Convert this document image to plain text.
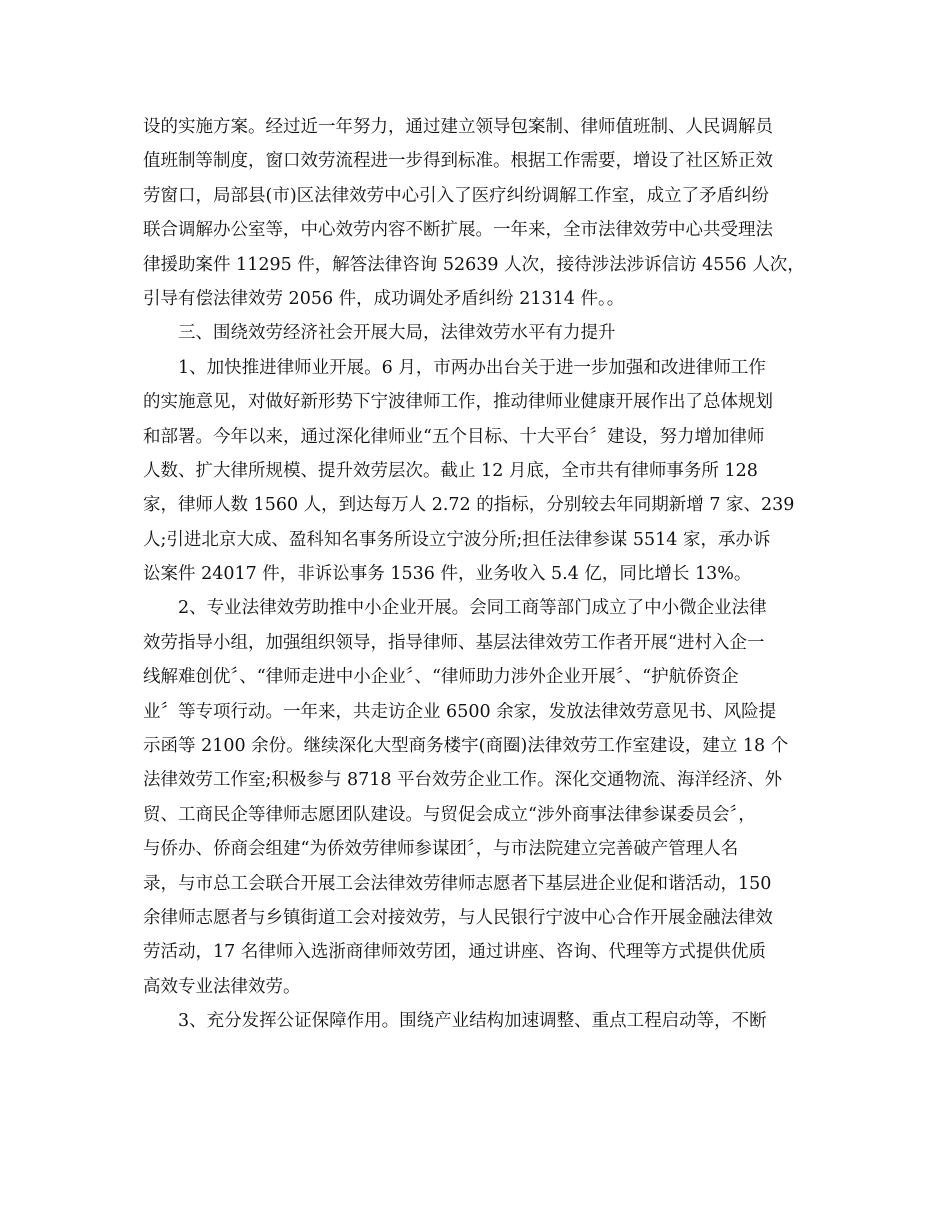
设的实施方案。经过近一年努力，通过建立领导包案制、律师值班制、人民调解员
值班制等制度，窗口效劳流程进一步得到标准。根据工作需要，增设了社区矫正效
劳窗口，局部县(市)区法律效劳中心引入了医疗纠纷调解工作室，成立了矛盾纠纷
联合调解办公室等，中心效劳内容不断扩展。一年来，全市法律效劳中心共受理法
律援助案件 11295 件，解答法律咨询 52639 人次，接待涉法涉诉信访 4556 人次，
引导有偿法律效劳 2056 件，成功调处矛盾纠纷 21314 件。。
三、围绕效劳经济社会开展大局，法律效劳水平有力提升
1、加快推进律师业开展。6 月，市两办出台关于进一步加强和改进律师工作
的实施意见，对做好新形势下宁波律师工作，推动律师业健康开展作出了总体规划
和部署。今年以来，通过深化律师业“五个目标、十大平台〞建设，努力增加律师
人数、扩大律所规模、提升效劳层次。截止 12 月底，全市共有律师事务所 128
家，律师人数 1560 人，到达每万人 2.72 的指标，分别较去年同期新增 7 家、239
人;引进北京大成、盈科知名事务所设立宁波分所;担任法律参谋 5514 家，承办诉
讼案件 24017 件，非诉讼事务 1536 件，业务收入 5.4 亿，同比增长 13%。
2、专业法律效劳助推中小企业开展。会同工商等部门成立了中小微企业法律
效劳指导小组，加强组织领导，指导律师、基层法律效劳工作者开展“进村入企一
线解难创优〞、“律师走进中小企业〞、“律师助力涉外企业开展〞、“护航侨资企
业〞等专项行动。一年来，共走访企业 6500 余家，发放法律效劳意见书、风险提
示函等 2100 余份。继续深化大型商务楼宇(商圈)法律效劳工作室建设，建立 18 个
法律效劳工作室;积极参与 8718 平台效劳企业工作。深化交通物流、海洋经济、外
贸、工商民企等律师志愿团队建设。与贸促会成立“涉外商事法律参谋委员会〞，
与侨办、侨商会组建“为侨效劳律师参谋团〞，与市法院建立完善破产管理人名
录，与市总工会联合开展工会法律效劳律师志愿者下基层进企业促和谐活动，150
余律师志愿者与乡镇街道工会对接效劳，与人民银行宁波中心合作开展金融法律效
劳活动，17 名律师入选浙商律师效劳团，通过讲座、咨询、代理等方式提供优质
高效专业法律效劳。
3、充分发挥公证保障作用。围绕产业结构加速调整、重点工程启动等，不断
